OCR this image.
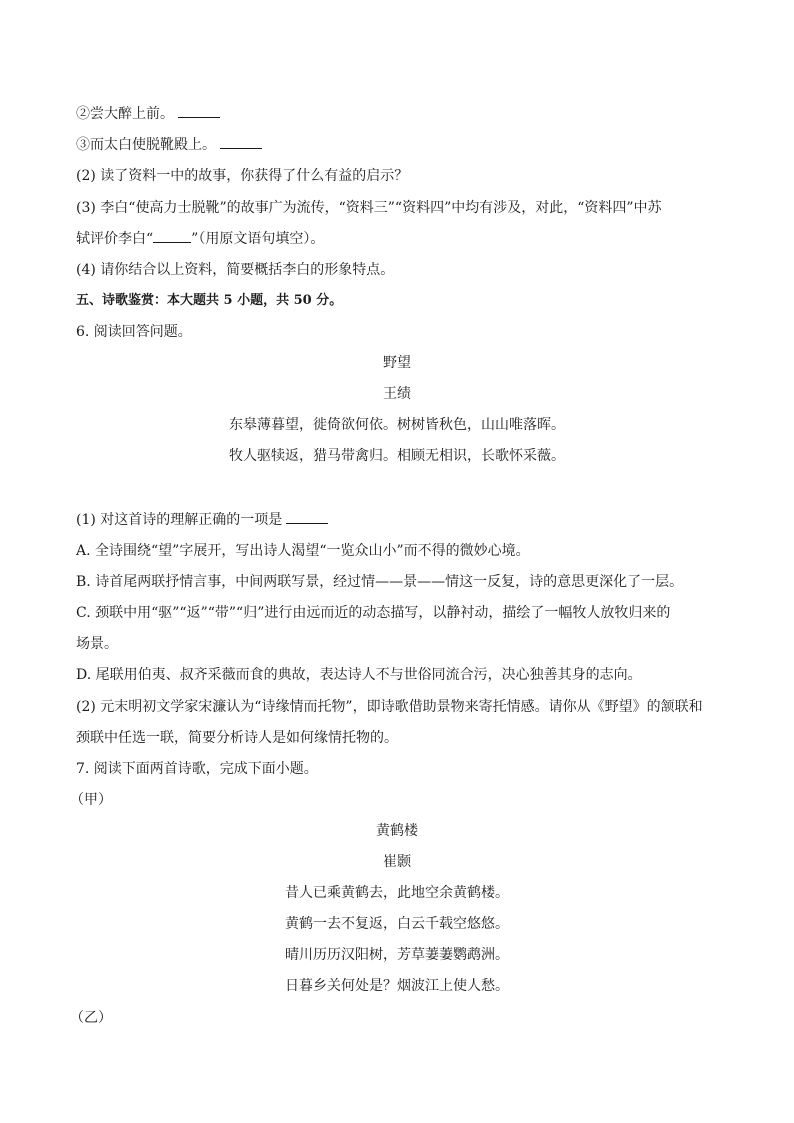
②尝大醉上前。
③而太白使脱靴殿上。
(2) 读了资料一中的故事，你获得了什么有益的启示？
(3) 李白“使高力士脱靴”的故事广为流传，“资料三”“资料四”中均有涉及，对此，“资料四”中苏
轼评价李白“	”（用原文语句填空）。
(4) 请你结合以上资料，简要概括李白的形象特点。
五、诗歌鉴赏：本大题共 5 小题，共 50 分。
6. 阅读回答问题。
野望
王绩
东皋薄暮望，徙倚欲何依。树树皆秋色，山山唯落晖。
牧人驱犊返，猎马带禽归。相顾无相识，长歌怀采薇。
(1) 对这首诗的理解正确的一项是
A. 全诗围绕“望”字展开，写出诗人渴望“一览众山小”而不得的微妙心境。
B. 诗首尾两联抒情言事，中间两联写景，经过情——景——情这一反复，诗的意思更深化了一层。
C. 颈联中用“驱”“返”“带”“归”进行由远而近的动态描写，以静衬动，描绘了一幅牧人放牧归来的
场景。
D. 尾联用伯夷、叔齐采薇而食的典故，表达诗人不与世俗同流合污，决心独善其身的志向。
(2) 元末明初文学家宋濂认为“诗缘情而托物”，即诗歌借助景物来寄托情感。请你从《野望》的颔联和
颈联中任选一联，简要分析诗人是如何缘情托物的。
7. 阅读下面两首诗歌，完成下面小题。
（甲）
黄鹤楼
崔颢
昔人已乘黄鹤去，此地空余黄鹤楼。
黄鹤一去不复返，白云千载空悠悠。
晴川历历汉阳树，芳草萋萋鹦鹉洲。
日暮乡关何处是？烟波江上使人愁。
（乙）
